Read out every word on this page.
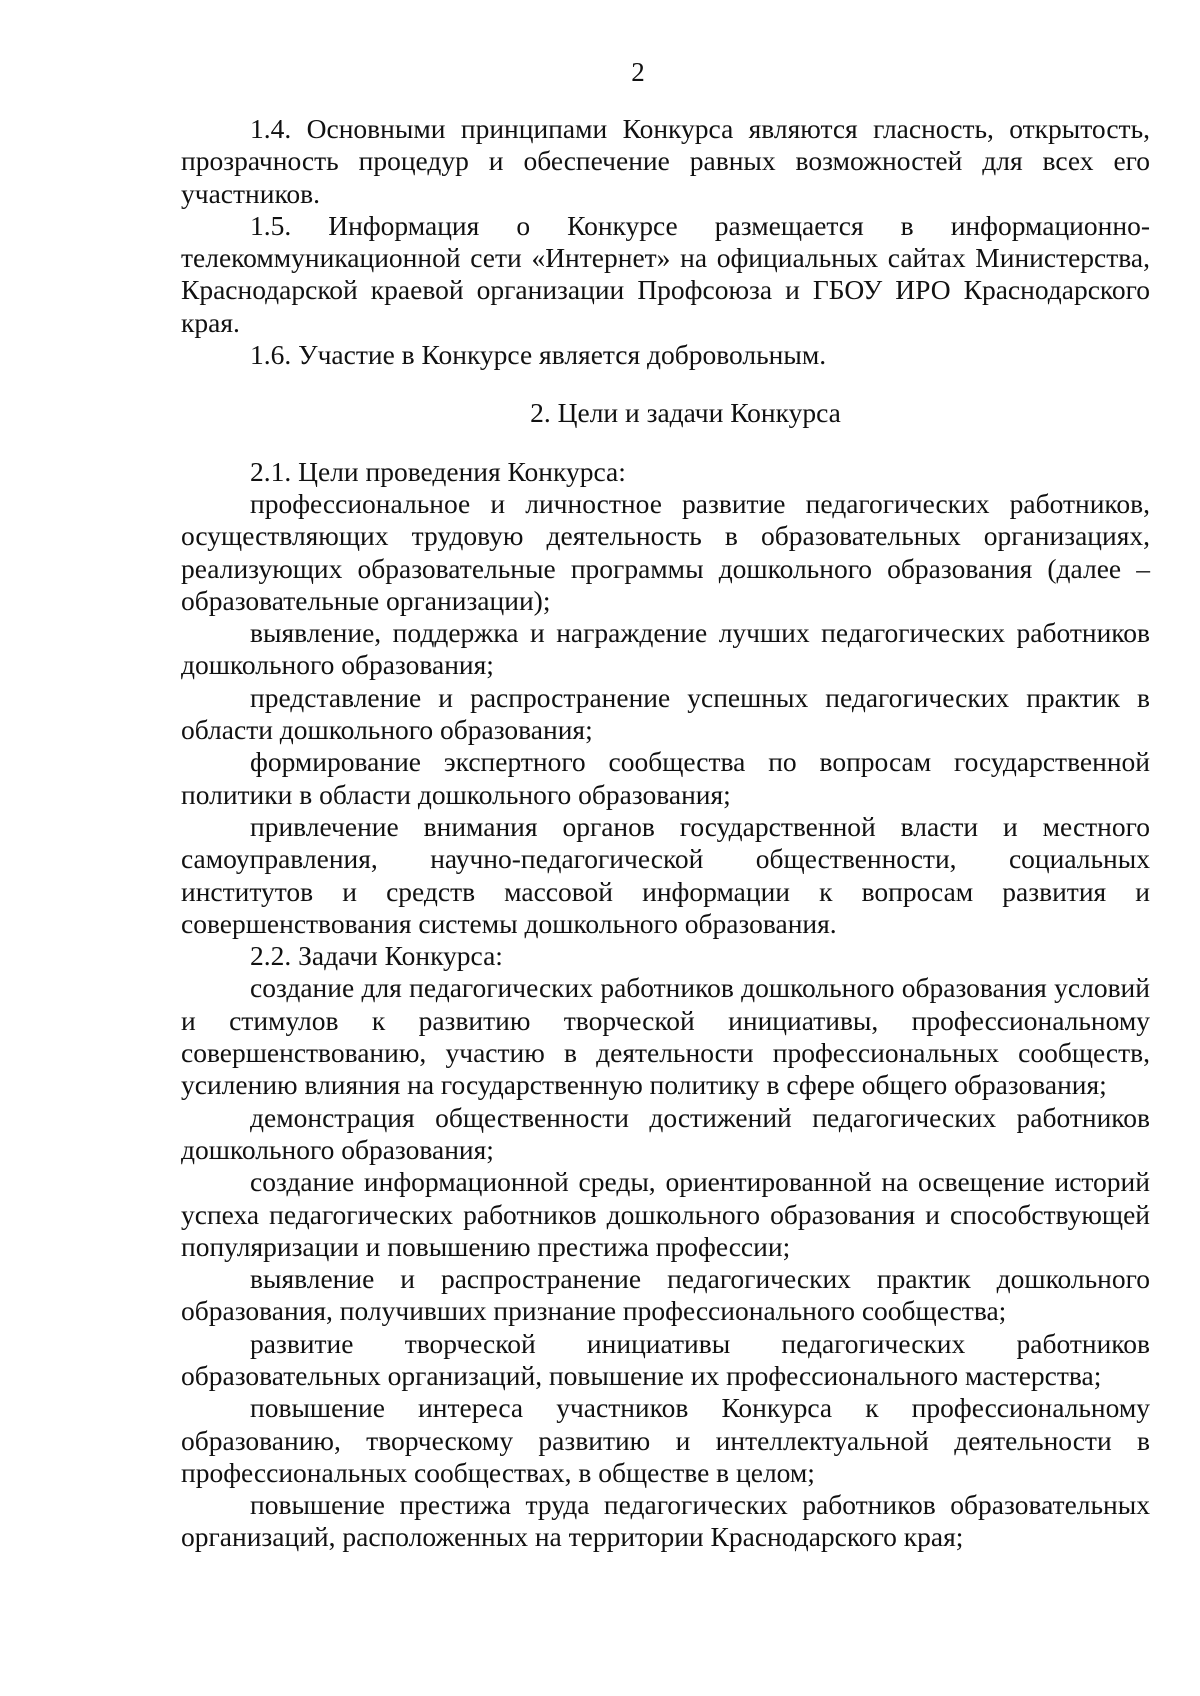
2

1.4. Основными принципами Конкурса являются гласность, открытость, прозрачность процедур и обеспечение равных возможностей для всех его участников.

1.5. Информация о Конкурсе размещается в информационно-телекоммуникационной сети «Интернет» на официальных сайтах Министерства, Краснодарской краевой организации Профсоюза и ГБОУ ИРО Краснодарского края.

1.6. Участие в Конкурсе является добровольным.

2. Цели и задачи Конкурса

2.1. Цели проведения Конкурса:

профессиональное и личностное развитие педагогических работников, осуществляющих трудовую деятельность в образовательных организациях, реализующих образовательные программы дошкольного образования (далее – образовательные организации);

выявление, поддержка и награждение лучших педагогических работников дошкольного образования;

представление и распространение успешных педагогических практик в области дошкольного образования;

формирование экспертного сообщества по вопросам государственной политики в области дошкольного образования;

привлечение внимания органов государственной власти и местного самоуправления, научно-педагогической общественности, социальных институтов и средств массовой информации к вопросам развития и совершенствования системы дошкольного образования.

2.2. Задачи Конкурса:

создание для педагогических работников дошкольного образования условий и стимулов к развитию творческой инициативы, профессиональному совершенствованию, участию в деятельности профессиональных сообществ, усилению влияния на государственную политику в сфере общего образования;

демонстрация общественности достижений педагогических работников дошкольного образования;

создание информационной среды, ориентированной на освещение историй успеха педагогических работников дошкольного образования и способствующей популяризации и повышению престижа профессии;

выявление и распространение педагогических практик дошкольного образования, получивших признание профессионального сообщества;

развитие творческой инициативы педагогических работников образовательных организаций, повышение их профессионального мастерства;

повышение интереса участников Конкурса к профессиональному образованию, творческому развитию и интеллектуальной деятельности в профессиональных сообществах, в обществе в целом;

повышение престижа труда педагогических работников образовательных организаций, расположенных на территории Краснодарского края;
